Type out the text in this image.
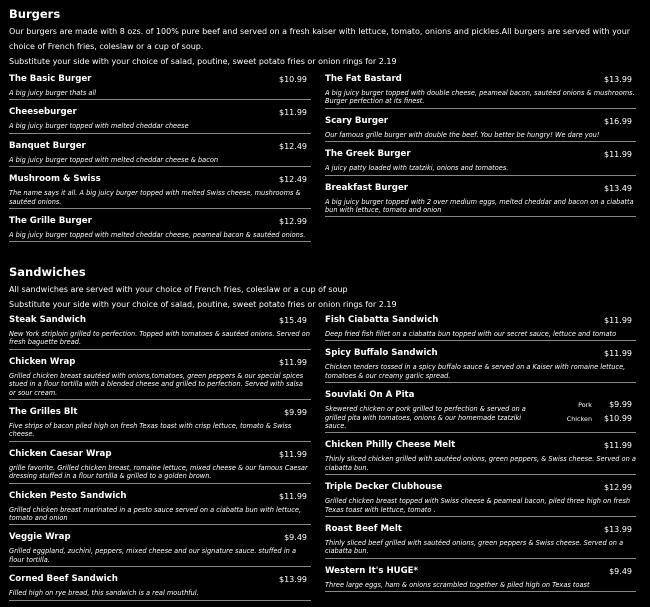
Burgers

Our burgers are made with 8 ozs. of 100% pure beef and served on a fresh kaiser with lettuce, tomato, onions and pickles.All burgers are served with your choice of French fries, coleslaw or a cup of soup.

Substitute your side with your choice of salad, poutine, sweet potato fries or onion rings for 2.19

The Basic Burger	$10.99
A big juicy burger thats all
Cheeseburger	$11.99
A big juicy burger topped with melted cheddar cheese
Banquet Burger	$12.49
A big juicy burger topped with melted cheddar cheese & bacon
Mushroom & Swiss	$12.49
The name says it all. A big juicy burger topped with melted Swiss cheese, mushrooms & sautéed onions.
The Grille Burger	$12.99
A big juicy burger topped with melted cheddar cheese, peameal bacon & sautéed onions.
The Fat Bastard	$13.99
A big juicy burger topped with double cheese, peameal bacon, sautéed onions & mushrooms. Burger perfection at its finest.
Scary Burger	$16.99
Our famous grille burger with double the beef. You better be hungry! We dare you!
The Greek Burger	$11.99
A juicy patty loaded with tzatziki, onions and tomatoes.
Breakfast Burger	$13.49
A big juicy burger topped with 2 over medium eggs, melted cheddar and bacon on a ciabatta bun with lettuce, tomato and onion
Sandwiches

All sandwiches are served with your choice of French fries, coleslaw or a cup of soup

Substitute your side with your choice of salad, poutine, sweet potato fries or onion rings for 2.19

Steak Sandwich	$15.49
New York striploin grilled to perfection. Topped with tomatoes & sautéed onions. Served on fresh baguette bread.
Chicken Wrap	$11.99
Grilled chicken breast sautéed with onions,tomatoes, green peppers & our special spices stued in a flour tortilla with a blended cheese and grilled to perfection. Served with salsa or sour cream.
The Grilles Blt	$9.99
Five strips of bacon piled high on fresh Texas toast with crisp lettuce, tomato & Swiss cheese.
Chicken Caesar Wrap	$11.99
grille favorite. Grilled chicken breast, romaine lettuce, mixed cheese & our famous Caesar dressing stuffed in a flour tortilla & grilled to a golden brown.
Chicken Pesto Sandwich	$11.99
Grilled chicken breast marinated in a pesto sauce served on a ciabatta bun with lettuce, tomato and onion
Veggie Wrap	$9.49
Grilled eggpland, zuchini, peppers, mixed cheese and our signature sauce. stuffed in a flour tortilla.
Corned Beef Sandwich	$13.99
Filled high on rye bread, this sandwich is a real mouthful.
Fish Ciabatta Sandwich	$11.99
Deep fried fish fillet on a ciabatta bun topped with our secret sauce, lettuce and tomato
Spicy Buffalo Sandwich	$11.99
Chicken tenders tossed in a spicy buffalo sauce & served on a Kaiser with romaine lettuce, tomatoes & our creamy garlic spread.
Souvlaki On A Pita
Skewered chicken or pork grilled to perfection & served on a grilled pita with tomatoes, onions & our homemade tzatziki sauce.
Pork	$9.99
Chicken	$10.99
Chicken Philly Cheese Melt	$11.99
Thinly sliced chicken grilled with sautéed onions, green peppers, & Swiss cheese. Served on a ciabatta bun.
Triple Decker Clubhouse	$12.99
Grilled chicken breast topped with Swiss cheese & peameal bacon, piled three high on fresh Texas toast with lettuce, tomato .
Roast Beef Melt	$13.99
Thinly sliced beef grilled with sautéed onions, green peppers & Swiss cheese. Served on a ciabatta bun.
Western It's HUGE*	$9.49
Three large eggs, ham & onions scrambled together & piled high on Texas toast
